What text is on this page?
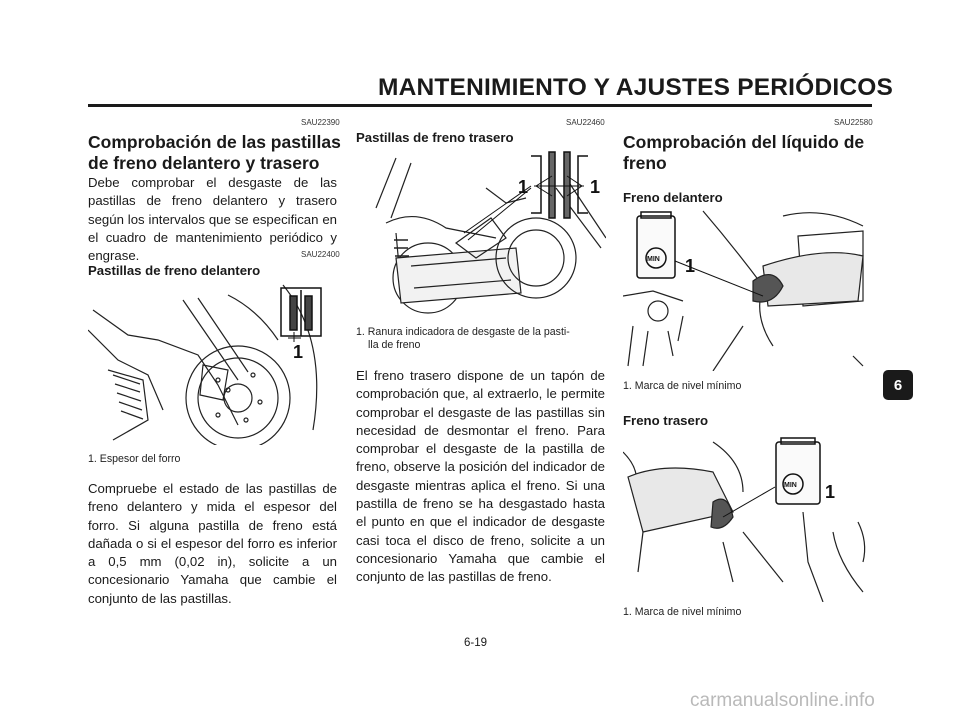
MANTENIMIENTO Y AJUSTES PERIÓDICOS
SAU22390
Comprobación de las pastillas
de freno delantero y trasero
Debe comprobar el desgaste de las pastillas de freno delantero y trasero según los intervalos que se especifican en el cuadro de mantenimiento periódico y engrase.	SAU22400
Pastillas de freno delantero
1
1. Espesor del forro
Compruebe el estado de las pastillas de freno delantero y mida el espesor del forro. Si alguna pastilla de freno está dañada o si el espesor del forro es inferior a 0,5 mm (0,02 in), solicite a un concesionario Yamaha que cambie el conjunto de las pastillas.
SAU22460
Pastillas de freno trasero
1	1
1. Ranura indicadora de desgaste de la pasti-
lla de freno
El freno trasero dispone de un tapón de comprobación que, al extraerlo, le permite comprobar el desgaste de las pastillas sin necesidad de desmontar el freno. Para comprobar el desgaste de la pastilla de freno, observe la posición del indicador de desgaste mientras aplica el freno. Si una pastilla de freno se ha desgastado hasta el punto en que el indicador de desgaste casi toca el disco de freno, solicite a un concesionario Yamaha que cambie el conjunto de las pastillas de freno.
SAU22580
Comprobación del líquido de
freno
Freno delantero
MIN 1
1. Marca de nivel mínimo
Freno trasero
MIN 1
1. Marca de nivel mínimo
6
6-19
carmanualsonline.info
